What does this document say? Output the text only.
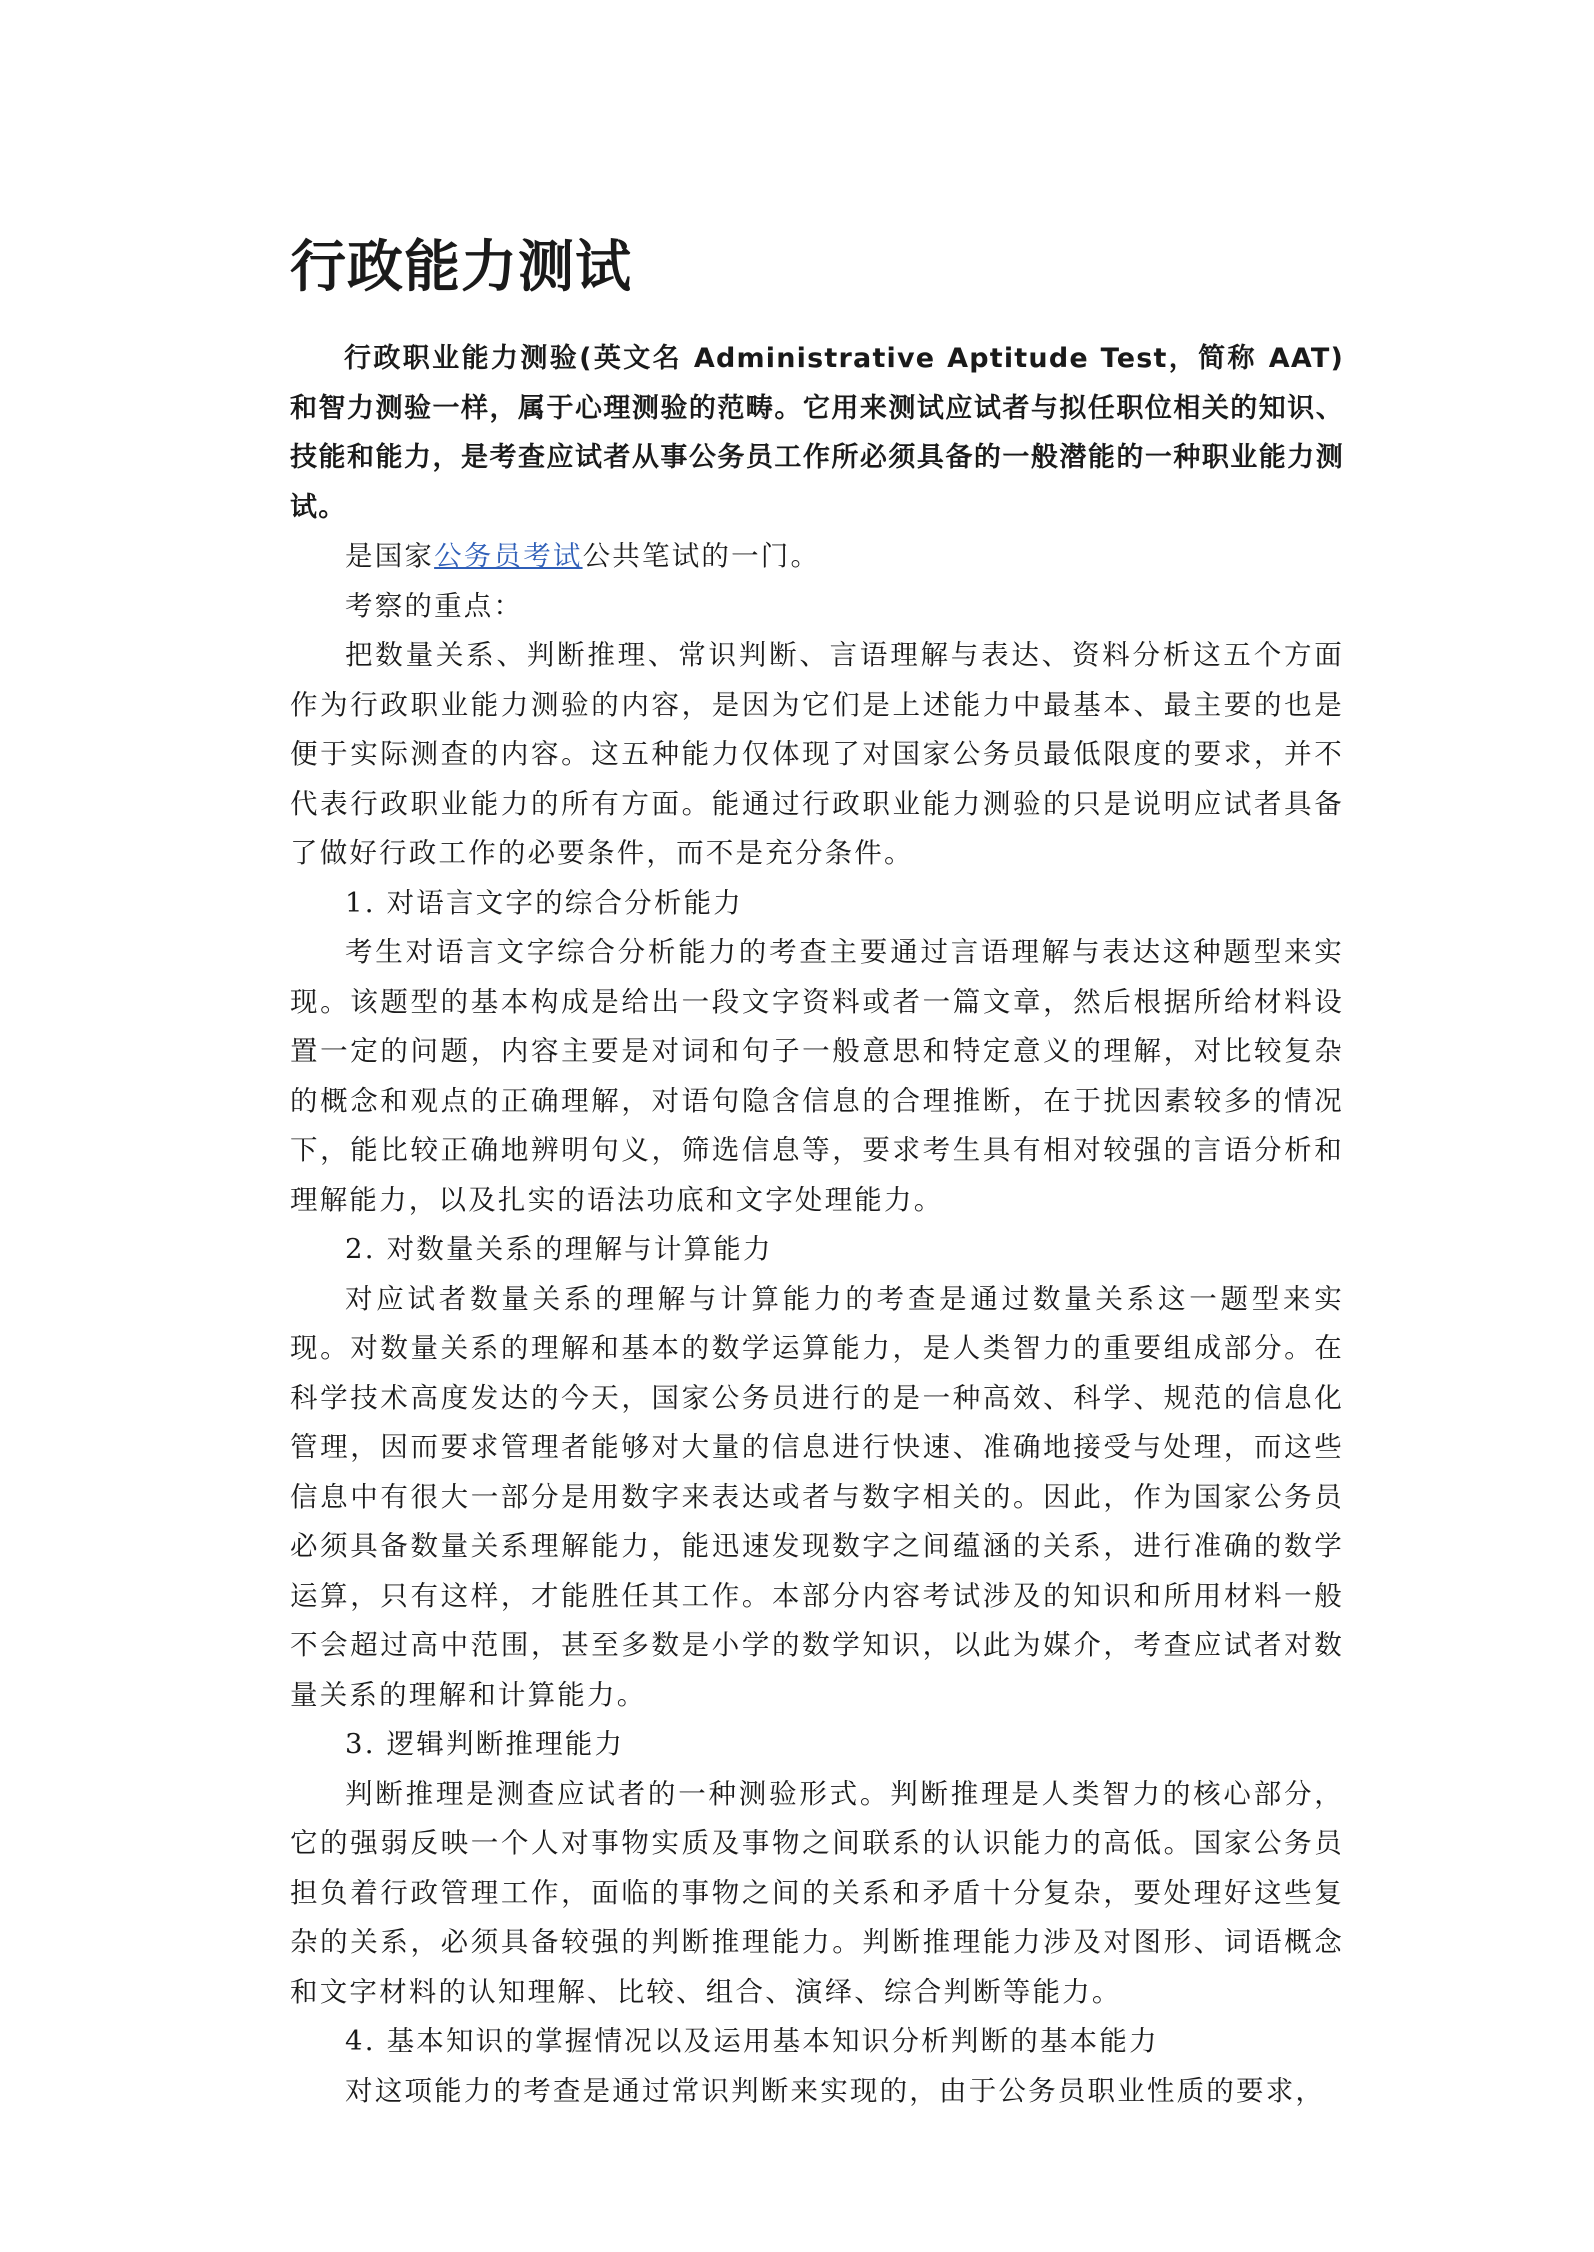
行政能力测试

行政职业能力测验(英文名 Administrative Aptitude Test，简称 AAT)和智力测验一样，属于心理测验的范畴。它用来测试应试者与拟任职位相关的知识、技能和能力，是考查应试者从事公务员工作所必须具备的一般潜能的一种职业能力测试。

是国家公务员考试公共笔试的一门。

考察的重点：

把数量关系、判断推理、常识判断、言语理解与表达、资料分析这五个方面作为行政职业能力测验的内容，是因为它们是上述能力中最基本、最主要的也是便于实际测查的内容。这五种能力仅体现了对国家公务员最低限度的要求，并不代表行政职业能力的所有方面。能通过行政职业能力测验的只是说明应试者具备了做好行政工作的必要条件，而不是充分条件。

1. 对语言文字的综合分析能力

考生对语言文字综合分析能力的考查主要通过言语理解与表达这种题型来实现。该题型的基本构成是给出一段文字资料或者一篇文章，然后根据所给材料设置一定的问题，内容主要是对词和句子一般意思和特定意义的理解，对比较复杂的概念和观点的正确理解，对语句隐含信息的合理推断，在于扰因素较多的情况下，能比较正确地辨明句义，筛选信息等，要求考生具有相对较强的言语分析和理解能力，以及扎实的语法功底和文字处理能力。

2. 对数量关系的理解与计算能力

对应试者数量关系的理解与计算能力的考查是通过数量关系这一题型来实现。对数量关系的理解和基本的数学运算能力，是人类智力的重要组成部分。在科学技术高度发达的今天，国家公务员进行的是一种高效、科学、规范的信息化管理，因而要求管理者能够对大量的信息进行快速、准确地接受与处理，而这些信息中有很大一部分是用数字来表达或者与数字相关的。因此，作为国家公务员必须具备数量关系理解能力，能迅速发现数字之间蕴涵的关系，进行准确的数学运算，只有这样，才能胜任其工作。本部分内容考试涉及的知识和所用材料一般不会超过高中范围，甚至多数是小学的数学知识，以此为媒介，考查应试者对数量关系的理解和计算能力。

3. 逻辑判断推理能力

判断推理是测查应试者的一种测验形式。判断推理是人类智力的核心部分，它的强弱反映一个人对事物实质及事物之间联系的认识能力的高低。国家公务员担负着行政管理工作，面临的事物之间的关系和矛盾十分复杂，要处理好这些复杂的关系，必须具备较强的判断推理能力。判断推理能力涉及对图形、词语概念和文字材料的认知理解、比较、组合、演绎、综合判断等能力。

4. 基本知识的掌握情况以及运用基本知识分析判断的基本能力

对这项能力的考查是通过常识判断来实现的，由于公务员职业性质的要求，
